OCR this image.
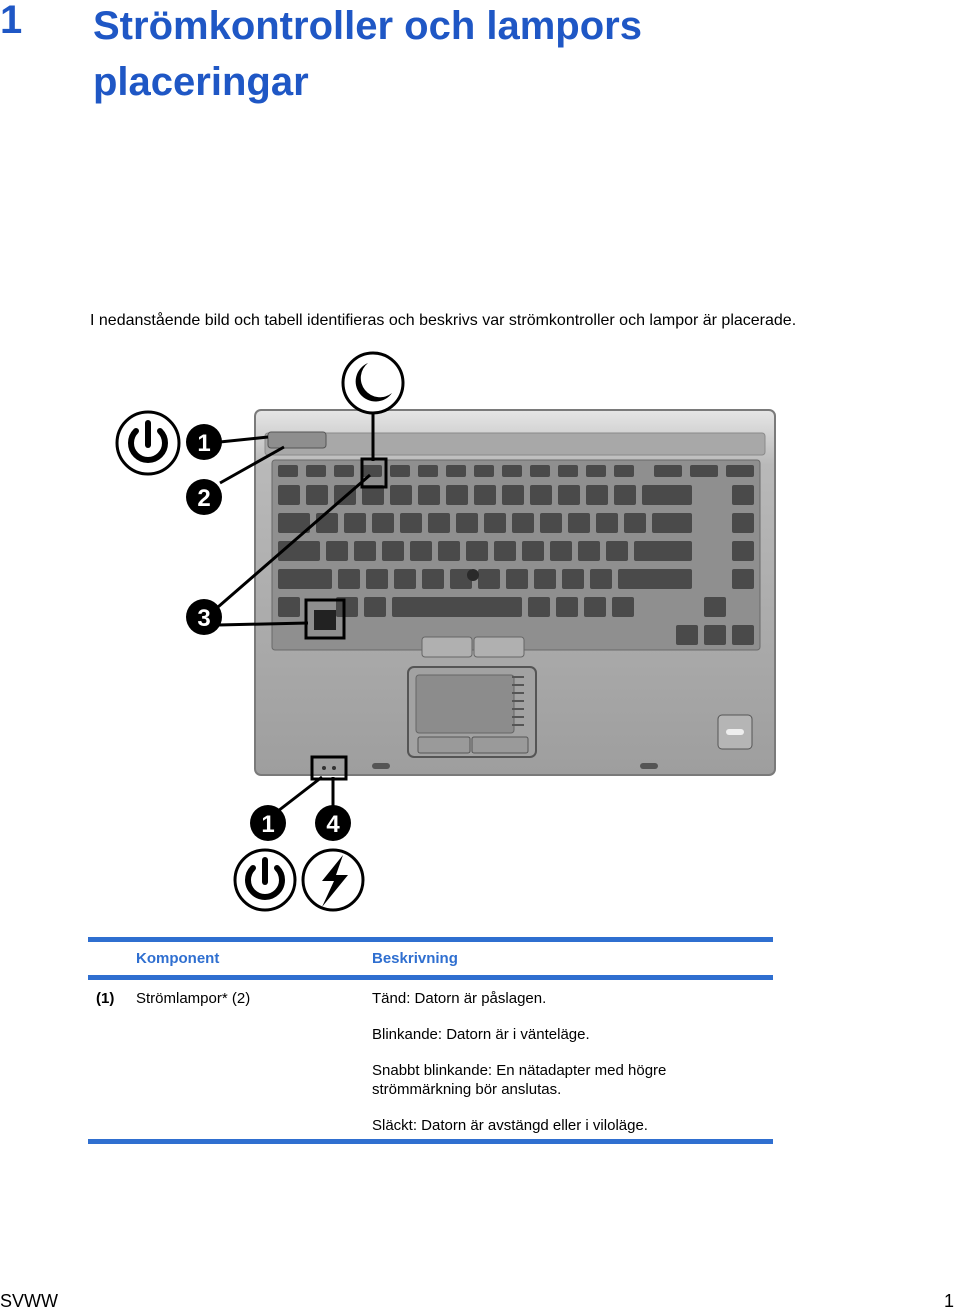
1 Strömkontroller och lampors placeringar
I nedanstående bild och tabell identifieras och beskrivs var strömkontroller och lampor är placerade.
1
2
3
1 4
Komponent	Beskrivning
(1) Strömlampor* (2)	Tänd: Datorn är påslagen.
Blinkande: Datorn är i vänteläge.
Snabbt blinkande: En nätadapter med högre strömmärkning bör anslutas.
Släckt: Datorn är avstängd eller i viloläge.
SVWW	1
